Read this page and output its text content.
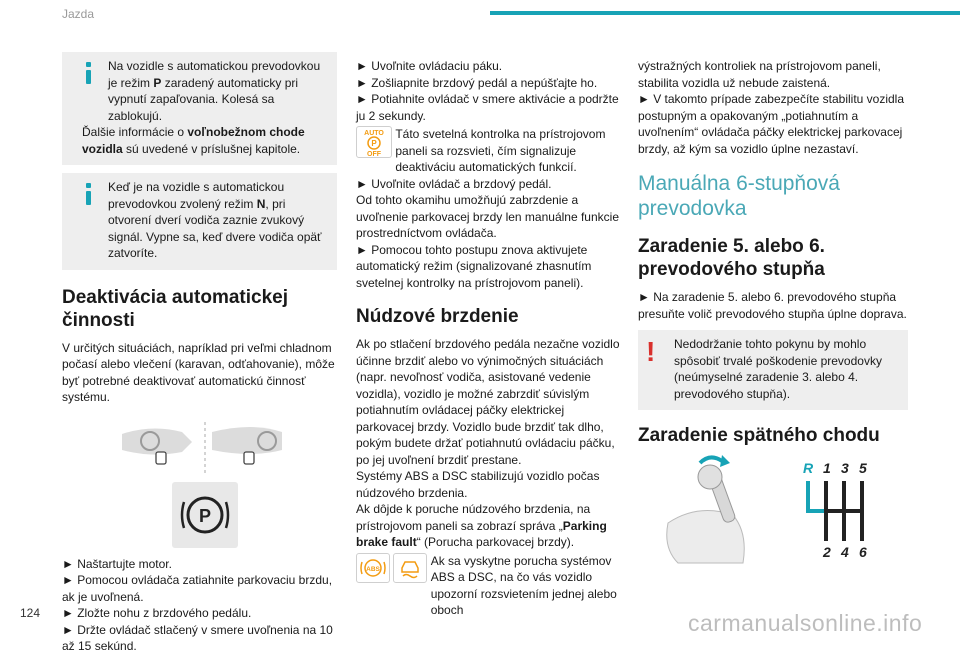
Jazda

Na vozidle s automatickou prevodovkou je režim P zaradený automaticky pri vypnutí zapaľovania. Kolesá sa zablokujú.

Ďalšie informácie o voľnobežnom chode vozidla sú uvedené v príslušnej kapitole.

Keď je na vozidle s automatickou prevodovkou zvolený režim N, pri otvorení dverí vodiča zaznie zvukový signál. Vypne sa, keď dvere vodiča opäť zatvoríte.

Deaktivácia automatickej činnosti

V určitých situáciách, napríklad pri veľmi chladnom počasí alebo vlečení (karavan, odťahovanie), môže byť potrebné deaktivovať automatickú činnosť systému.

P

► Naštartujte motor.

► Pomocou ovládača zatiahnite parkovaciu brzdu, ak je uvoľnená.

► Zložte nohu z brzdového pedálu.

► Držte ovládač stlačený v smere uvoľnenia na 10 až 15 sekúnd.

► Uvoľnite ovládaciu páku.

► Zošliapnite brzdový pedál a nepúšťajte ho.

► Potiahnite ovládač v smere aktivácie a podržte ju 2 sekundy.

AUTO
P
OFF
Táto svetelná kontrolka na prístrojovom paneli sa rozsvieti, čím signalizuje deaktiváciu automatických funkcií.

► Uvoľnite ovládač a brzdový pedál.

Od tohto okamihu umožňujú zabrzdenie a uvoľnenie parkovacej brzdy len manuálne funkcie prostredníctvom ovládača.

► Pomocou tohto postupu znova aktivujete automatický režim (signalizované zhasnutím svetelnej kontrolky na prístrojovom paneli).

Núdzové brzdenie

Ak po stlačení brzdového pedála nezačne vozidlo účinne brzdiť alebo vo výnimočných situáciách (napr. nevoľnosť vodiča, asistované vedenie vozidla), vozidlo je možné zabrzdiť súvislým potiahnutím ovládacej páčky elektrickej parkovacej brzdy. Vozidlo bude brzdiť tak dlho, pokým budete držať potiahnutú ovládaciu páčku, po jej uvoľnení brzdiť prestane.

Systémy ABS a DSC stabilizujú vozidlo počas núdzového brzdenia.

Ak dôjde k poruche núdzového brzdenia, na prístrojovom paneli sa zobrazí správa „Parking brake fault“ (Porucha parkovacej brzdy).

ABS
Ak sa vyskytne porucha systémov ABS a DSC, na čo vás vozidlo upozorní rozsvietením jednej alebo oboch

výstražných kontroliek na prístrojovom paneli, stabilita vozidla už nebude zaistená.

► V takomto prípade zabezpečíte stabilitu vozidla postupným a opakovaným „potiahnutím a uvoľnením“ ovládača páčky elektrickej parkovacej brzdy, až kým sa vozidlo úplne nezastaví.

Manuálna 6-stupňová prevodovka
Zaradenie 5. alebo 6. prevodového stupňa

► Na zaradenie 5. alebo 6. prevodového stupňa presuňte volič prevodového stupňa úplne doprava.

!	Nedodržanie tohto pokynu by mohlo spôsobiť trvalé poškodenie prevodovky (neúmyselné zaradenie 3. alebo 4. prevodového stupňa).

Zaradenie spätného chodu
R 1 3 5
2 4 6
124	carmanualsonline.info
